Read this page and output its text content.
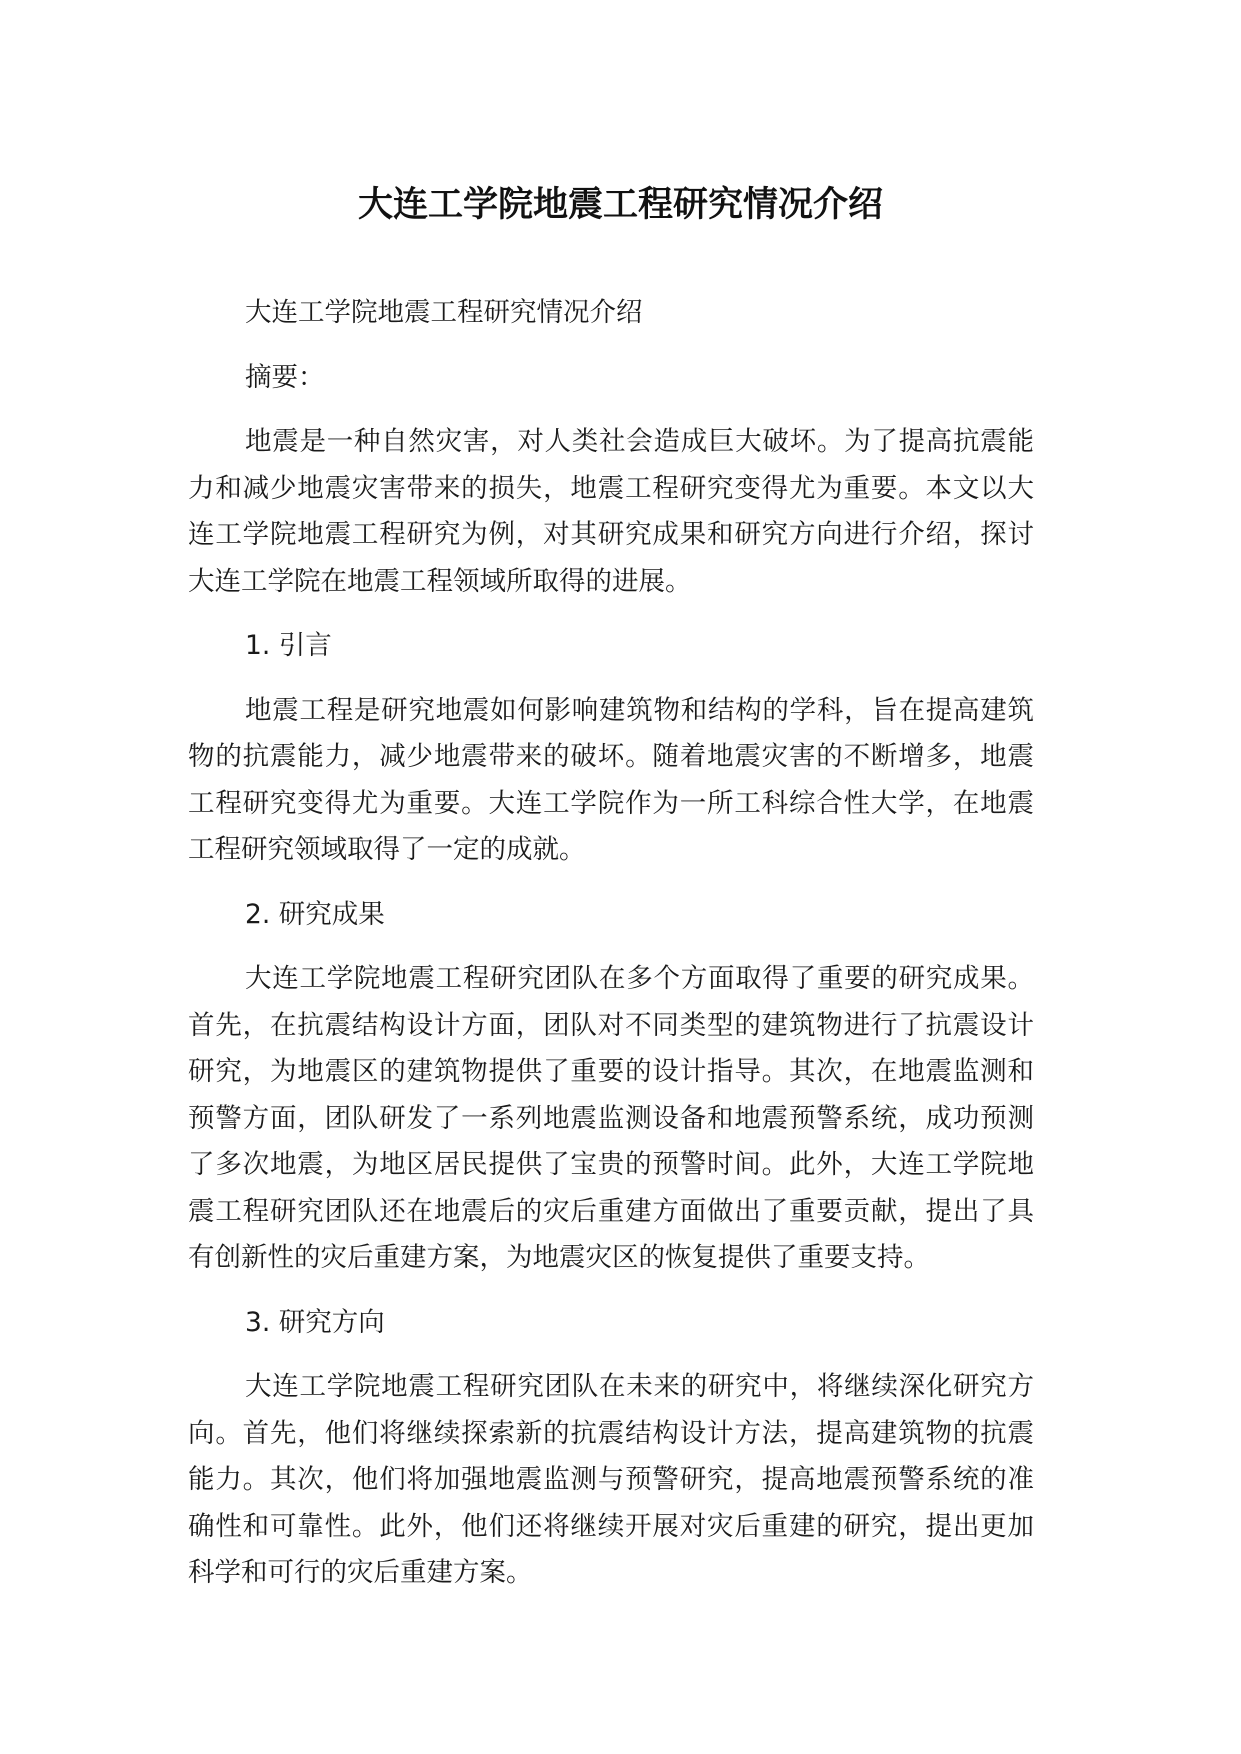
大连工学院地震工程研究情况介绍

大连工学院地震工程研究情况介绍

摘要：

地震是一种自然灾害，对人类社会造成巨大破坏。为了提高抗震能力和减少地震灾害带来的损失，地震工程研究变得尤为重要。本文以大连工学院地震工程研究为例，对其研究成果和研究方向进行介绍，探讨大连工学院在地震工程领域所取得的进展。

1. 引言

地震工程是研究地震如何影响建筑物和结构的学科，旨在提高建筑物的抗震能力，减少地震带来的破坏。随着地震灾害的不断增多，地震工程研究变得尤为重要。大连工学院作为一所工科综合性大学，在地震工程研究领域取得了一定的成就。

2. 研究成果

大连工学院地震工程研究团队在多个方面取得了重要的研究成果。首先，在抗震结构设计方面，团队对不同类型的建筑物进行了抗震设计研究，为地震区的建筑物提供了重要的设计指导。其次，在地震监测和预警方面，团队研发了一系列地震监测设备和地震预警系统，成功预测了多次地震，为地区居民提供了宝贵的预警时间。此外，大连工学院地震工程研究团队还在地震后的灾后重建方面做出了重要贡献，提出了具有创新性的灾后重建方案，为地震灾区的恢复提供了重要支持。

3. 研究方向

大连工学院地震工程研究团队在未来的研究中，将继续深化研究方向。首先，他们将继续探索新的抗震结构设计方法，提高建筑物的抗震能力。其次，他们将加强地震监测与预警研究，提高地震预警系统的准确性和可靠性。此外，他们还将继续开展对灾后重建的研究，提出更加科学和可行的灾后重建方案。
